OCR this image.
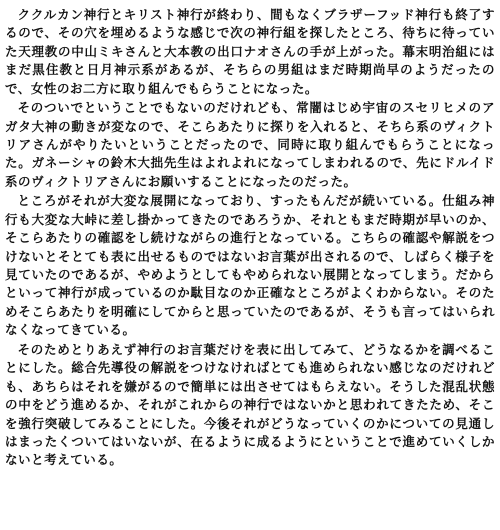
ククルカン神行とキリスト神行が終わり、間もなくブラザーフッド神行も終了するので、その穴を埋めるような感じで次の神行組を探したところ、待ちに待っていた天理教の中山ミキさんと大本教の出口ナオさんの手が上がった。幕末明治組にはまだ黒住教と日月神示系があるが、そちらの男組はまだ時期尚早のようだったので、女性のお二方に取り組んでもらうことになった。

そのついでということでもないのだけれども、常闇はじめ宇宙のスセリヒメのアガタ大神の動きが変なので、そこらあたりに探りを入れると、そちら系のヴィクトリアさんがやりたいということだったので、同時に取り組んでもらうことになった。ガネーシャの鈴木大拙先生はよれよれになってしまわれるので、先にドルイド系のヴィクトリアさんにお願いすることになったのだった。

ところがそれが大変な展開になっており、すったもんだが続いている。仕組み神行も大変な大峠に差し掛かってきたのであろうか、それともまだ時期が早いのか、そこらあたりの確認をし続けながらの進行となっている。こちらの確認や解説をつけないとそとても表に出せるものではないお言葉が出されるので、しばらく様子を見ていたのであるが、やめようとしてもやめられない展開となってしまう。だからといって神行が成っているのか駄目なのか正確なところがよくわからない。そのためそこらあたりを明確にしてからと思っていたのであるが、そうも言ってはいられなくなってきている。

そのためとりあえず神行のお言葉だけを表に出してみて、どうなるかを調べることにした。総合先導役の解説をつけなければとても進められない感じなのだけれども、あちらはそれを嫌がるので簡単には出させてはもらえない。そうした混乱状態の中をどう進めるか、それがこれからの神行ではないかと思われてきたため、そこを強行突破してみることにした。今後それがどうなっていくのかについての見通しはまったくついてはいないが、在るように成るようにということで進めていくしかないと考えている。
